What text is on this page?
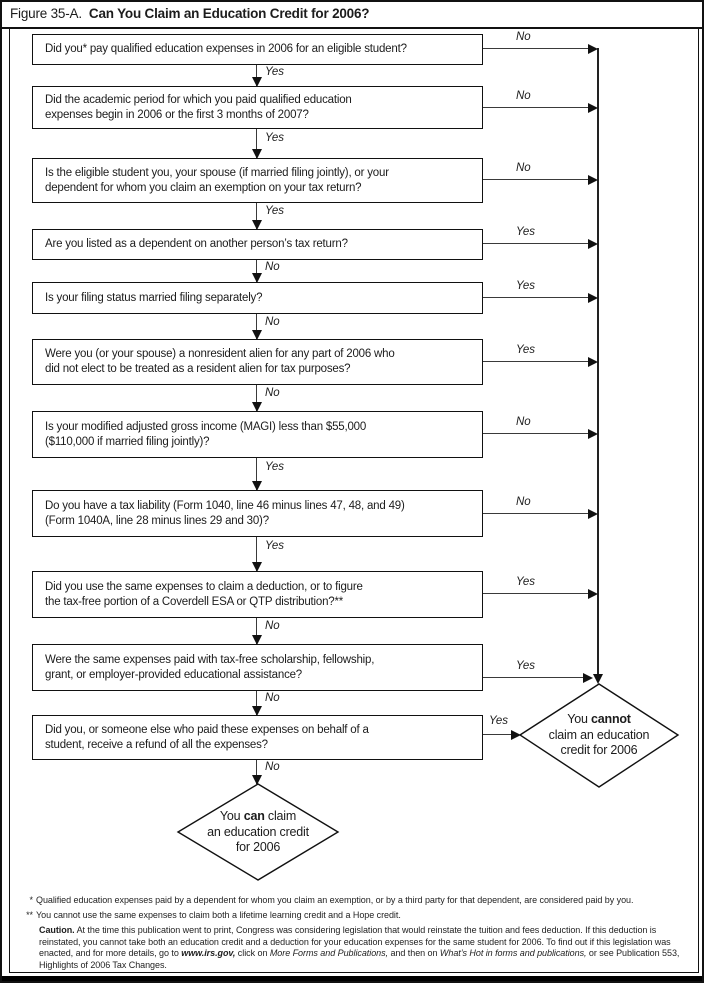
Figure 35-A. Can You Claim an Education Credit for 2006?
Did you* pay qualified education expenses in 2006 for an eligible student?
Did the academic period for which you paid qualified education
expenses begin in 2006 or the first 3 months of 2007?
Is the eligible student you, your spouse (if married filing jointly), or your
dependent for whom you claim an exemption on your tax return?
Are you listed as a dependent on another person’s tax return?
Is your filing status married filing separately?
Were you (or your spouse) a nonresident alien for any part of 2006 who
did not elect to be treated as a resident alien for tax purposes?
Is your modified adjusted gross income (MAGI) less than $55,000
($110,000 if married filing jointly)?
Do you have a tax liability (Form 1040, line 46 minus lines 47, 48, and 49)
(Form 1040A, line 28 minus lines 29 and 30)?
Did you use the same expenses to claim a deduction, or to figure
the tax-free portion of a Coverdell ESA or QTP distribution?**
Were the same expenses paid with tax-free scholarship, fellowship,
grant, or employer-provided educational assistance?
Did you, or someone else who paid these expenses on behalf of a
student, receive a refund of all the expenses?
No
No
No
Yes
Yes
Yes
No
No
Yes
Yes
Yes
Yes
Yes
Yes
No
No
No
Yes
Yes
No
No
No
You can claim
an education credit
for 2006
You cannot
claim an education
credit for 2006
* Qualified education expenses paid by a dependent for whom you claim an exemption, or by a third party for that dependent, are considered paid by you.
** You cannot use the same expenses to claim both a lifetime learning credit and a Hope credit.
Caution. At the time this publication went to print, Congress was considering legislation that would reinstate the tuition and fees deduction. If this deduction is reinstated, you cannot take both an education credit and a deduction for your education expenses for the same student for 2006. To find out if this legislation was enacted, and for more details, go to www.irs.gov, click on More Forms and Publications, and then on What’s Hot in forms and publications, or see Publication 553, Highlights of 2006 Tax Changes.
